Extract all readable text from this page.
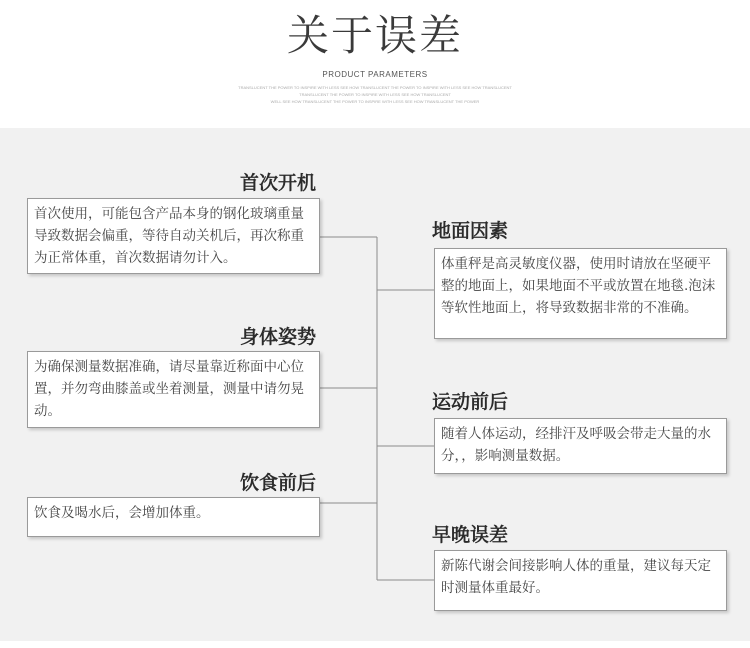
关于误差
PRODUCT PARAMETERS
TRANSLUCENT THE POWER TO INSPIRE WITH LESS SEE HOW TRANSLUCENT THE POWER TO INSPIRE WITH LESS SEE HOW TRANSLUCENT
TRANSLUCENT THE POWER TO INSPIRE WITH LESS SEE HOW TRANSLUCENT
WELL SEE HOW TRANSLUCENT THE POWER TO INSPIRE WITH LESS SEE HOW TRANSLUCENT THE POWER
首次开机
首次使用，可能包含产品本身的钢化玻璃重量导致数据会偏重，等待自动关机后，再次称重为正常体重，首次数据请勿计入。
身体姿势
为确保测量数据准确，请尽量靠近称面中心位置，并勿弯曲膝盖或坐着测量，测量中请勿晃动。
饮食前后
饮食及喝水后，会增加体重。
地面因素
体重秤是高灵敏度仪器，使用时请放在坚硬平整的地面上，如果地面不平或放置在地毯.泡沫等软性地面上，将导致数据非常的不准确。
运动前后
随着人体运动，经排汗及呼吸会带走大量的水分，，影响测量数据。
早晚误差
新陈代谢会间接影响人体的重量，建议每天定时测量体重最好。
